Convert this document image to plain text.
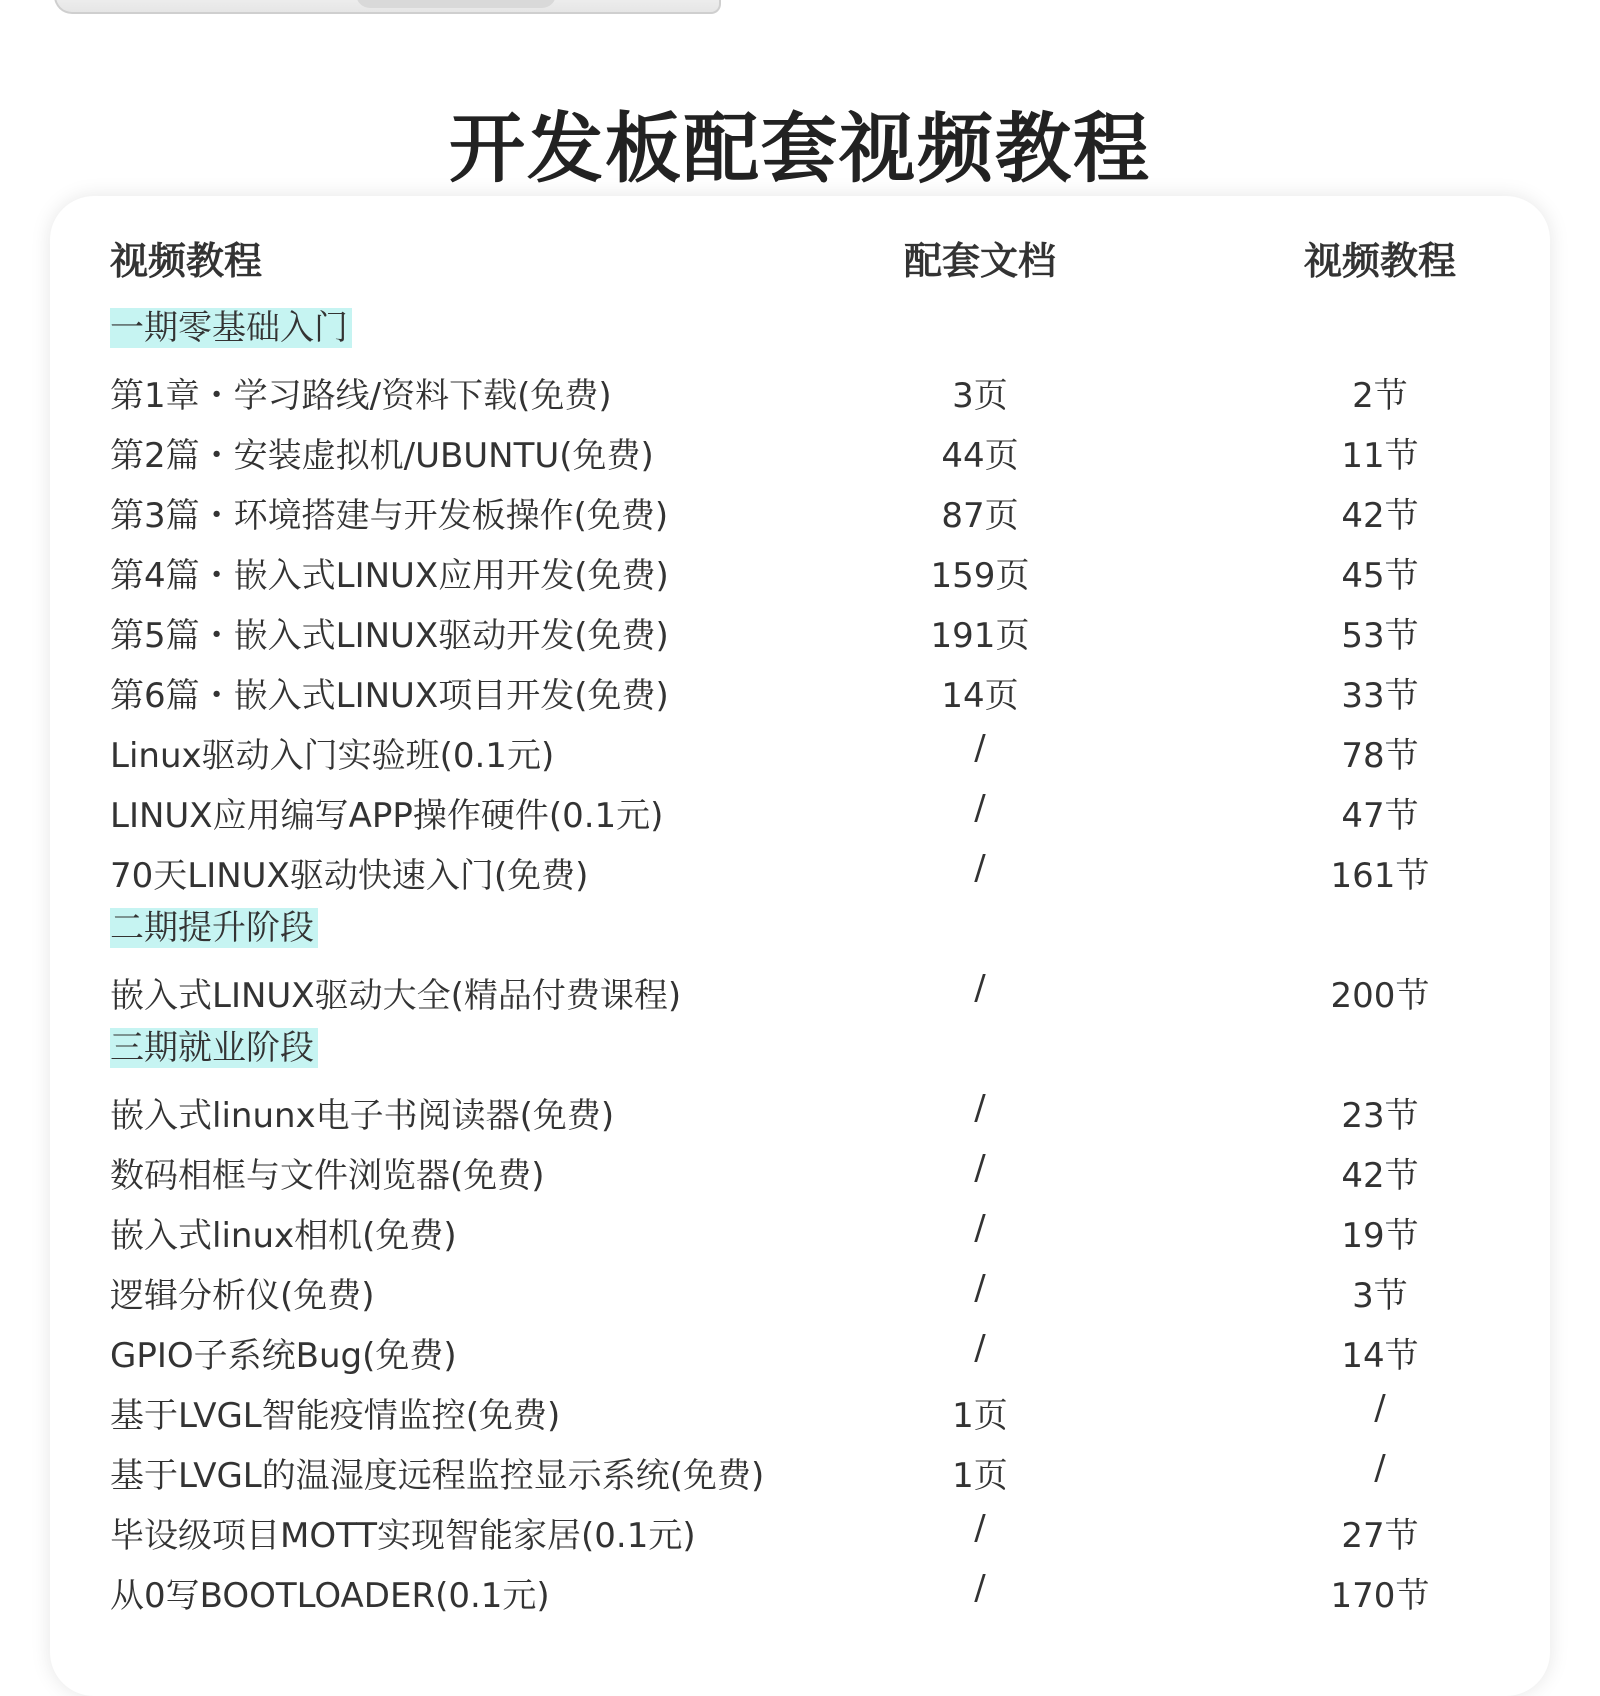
开发板配套视频教程
视频教程	配套文档	视频教程
一期零基础入门
第1章・学习路线/资料下载(免费)	3页	2节
第2篇・安装虚拟机/UBUNTU(免费)	44页	11节
第3篇・环境搭建与开发板操作(免费)	87页	42节
第4篇・嵌入式LINUX应用开发(免费)	159页	45节
第5篇・嵌入式LINUX驱动开发(免费)	191页	53节
第6篇・嵌入式LINUX项目开发(免费)	14页	33节
Linux驱动入门实验班(0.1元)	/	78节
LINUX应用编写APP操作硬件(0.1元)	/	47节
70天LINUX驱动快速入门(免费)	/	161节
二期提升阶段
嵌入式LINUX驱动大全(精品付费课程)	/	200节
三期就业阶段
嵌入式linunx电子书阅读器(免费)	/	23节
数码相框与文件浏览器(免费)	/	42节
嵌入式linux相机(免费)	/	19节
逻辑分析仪(免费)	/	3节
GPIO子系统Bug(免费)	/	14节
基于LVGL智能疫情监控(免费)	1页	/
基于LVGL的温湿度远程监控显示系统(免费)	1页	/
毕设级项目MOTT实现智能家居(0.1元)	/	27节
从0写BOOTLOADER(0.1元)	/	170节
